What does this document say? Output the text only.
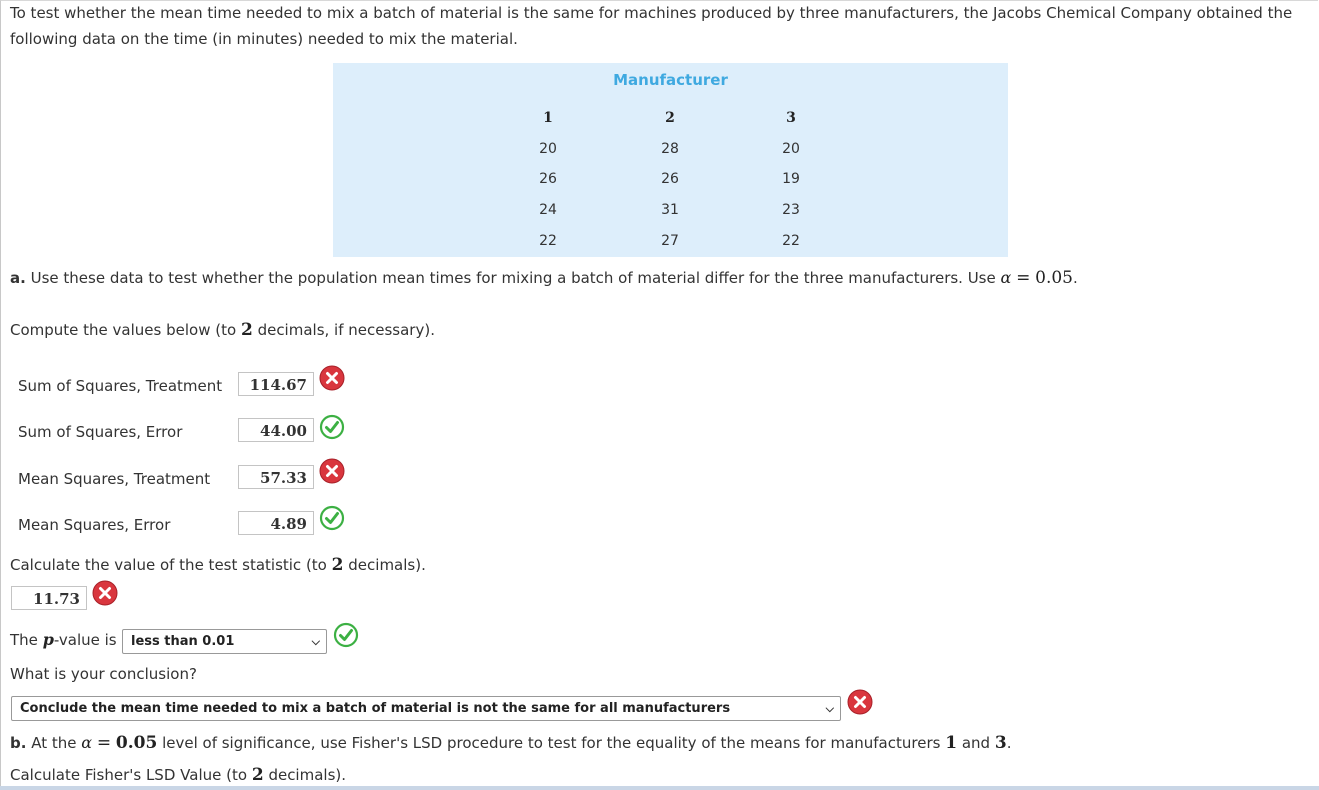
To test whether the mean time needed to mix a batch of material is the same for machines produced by three manufacturers, the Jacobs Chemical Company obtained the following data on the time (in minutes) needed to mix the material.

Manufacturer
1	2	3
20	28	20
26	26	19
24	31	23
22	27	22

a. Use these data to test whether the population mean times for mixing a batch of material differ for the three manufacturers. Use α = 0.05.

Compute the values below (to 2 decimals, if necessary).

Sum of Squares, Treatment	114.67
Sum of Squares, Error	44.00
Mean Squares, Treatment	57.33
Mean Squares, Error	4.89

Calculate the value of the test statistic (to 2 decimals).

11.73
The p-value is	less than 0.01	⌵

What is your conclusion?

Conclude the mean time needed to mix a batch of material is not the same for all manufacturers	⌵

b. At the α = 0.05 level of significance, use Fisher's LSD procedure to test for the equality of the means for manufacturers 1 and 3.

Calculate Fisher's LSD Value (to 2 decimals).
